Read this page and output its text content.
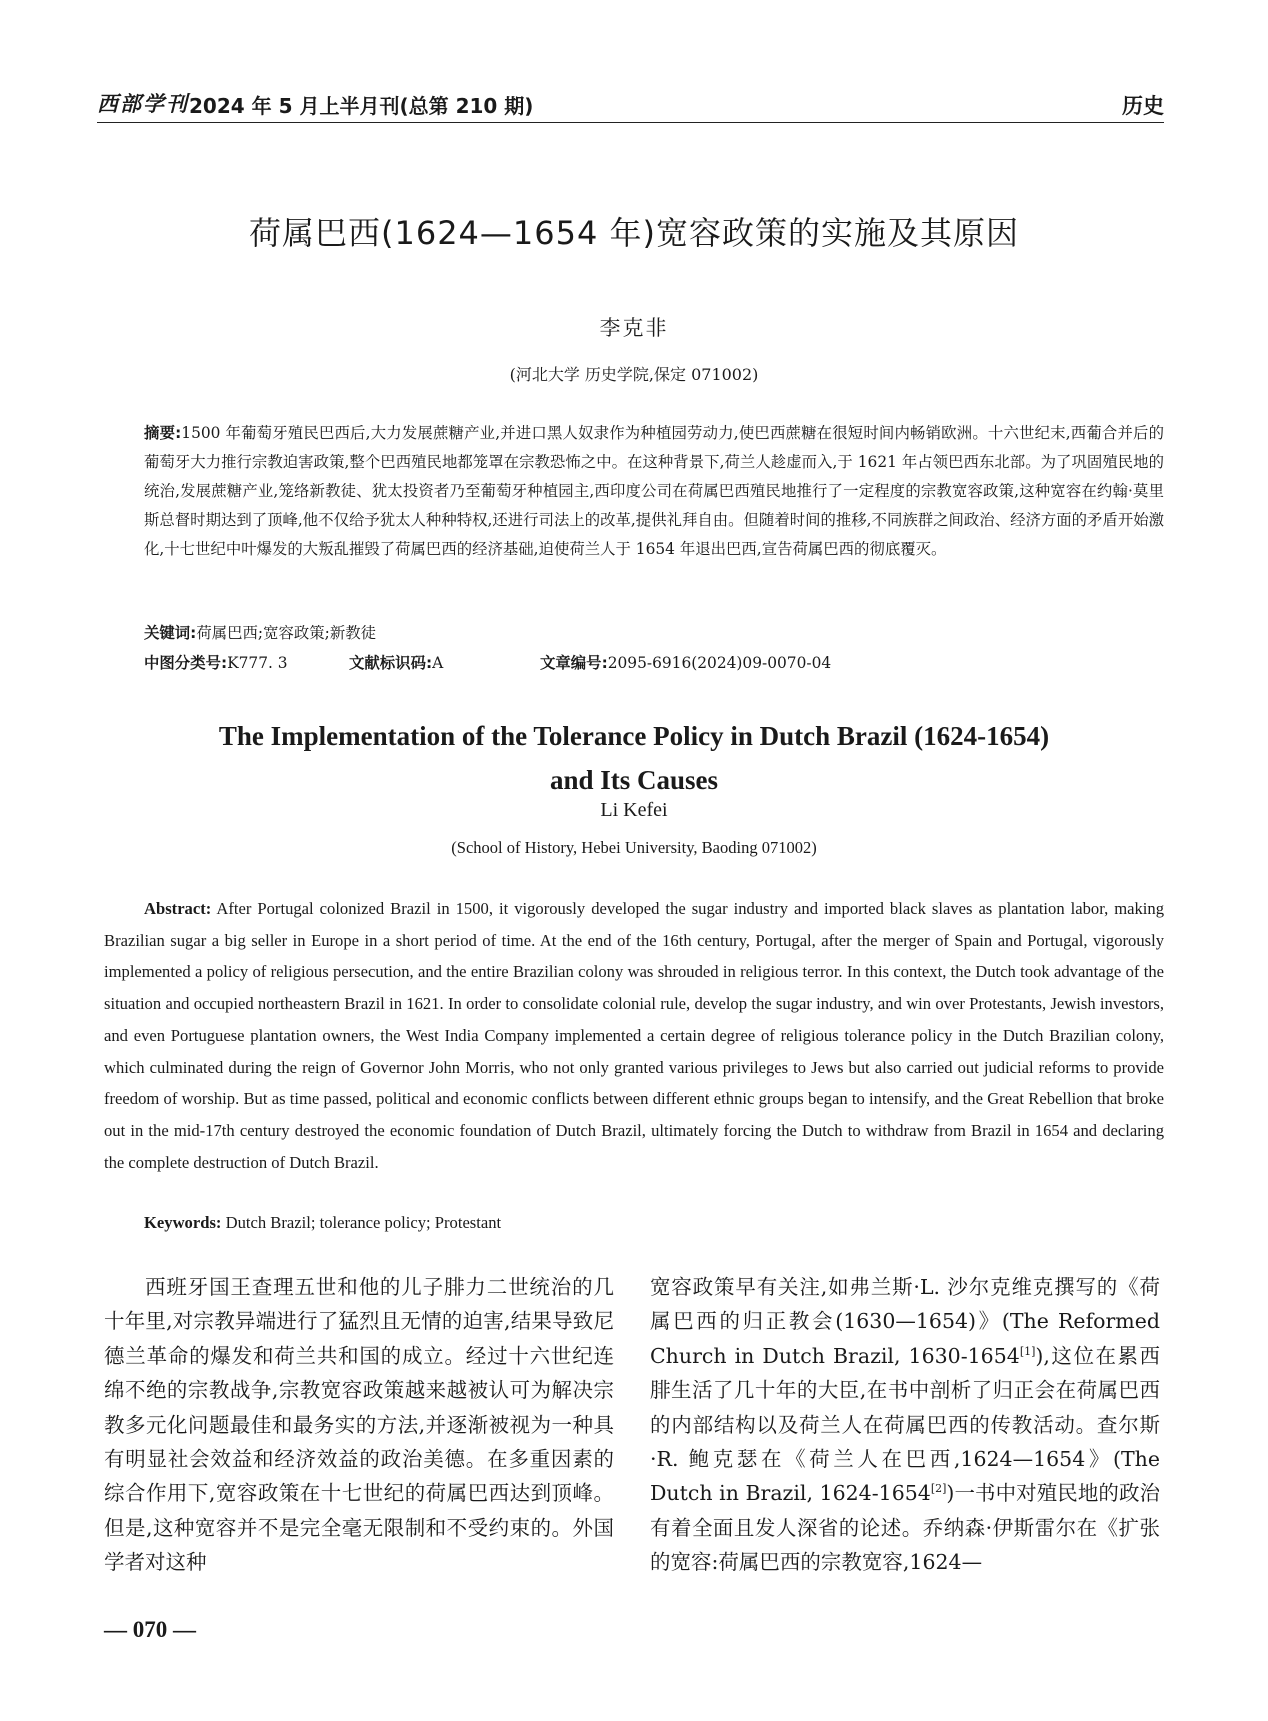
西部学刊 2024 年 5 月上半月刊(总第 210 期)	历史
荷属巴西(1624—1654 年)宽容政策的实施及其原因
李克非
(河北大学 历史学院,保定 071002)
摘要:1500 年葡萄牙殖民巴西后,大力发展蔗糖产业,并进口黑人奴隶作为种植园劳动力,使巴西蔗糖在很短时间内畅销欧洲。十六世纪末,西葡合并后的葡萄牙大力推行宗教迫害政策,整个巴西殖民地都笼罩在宗教恐怖之中。在这种背景下,荷兰人趁虚而入,于 1621 年占领巴西东北部。为了巩固殖民地的统治,发展蔗糖产业,笼络新教徒、犹太投资者乃至葡萄牙种植园主,西印度公司在荷属巴西殖民地推行了一定程度的宗教宽容政策,这种宽容在约翰·莫里斯总督时期达到了顶峰,他不仅给予犹太人种种特权,还进行司法上的改革,提供礼拜自由。但随着时间的推移,不同族群之间政治、经济方面的矛盾开始激化,十七世纪中叶爆发的大叛乱摧毁了荷属巴西的经济基础,迫使荷兰人于 1654 年退出巴西,宣告荷属巴西的彻底覆灭。
关键词:荷属巴西;宽容政策;新教徒
中图分类号:K777. 3	文献标识码:A	文章编号:2095-6916(2024)09-0070-04
The Implementation of the Tolerance Policy in Dutch Brazil (1624-1654)
and Its Causes
Li Kefei
(School of History, Hebei University, Baoding 071002)
Abstract: After Portugal colonized Brazil in 1500, it vigorously developed the sugar industry and imported black slaves as plantation labor, making Brazilian sugar a big seller in Europe in a short period of time. At the end of the 16th century, Portugal, after the merger of Spain and Portugal, vigorously implemented a policy of religious persecution, and the entire Brazilian colony was shrouded in religious terror. In this context, the Dutch took advantage of the situation and occupied northeastern Brazil in 1621. In order to consolidate colonial rule, develop the sugar industry, and win over Protestants, Jewish investors, and even Portuguese plantation owners, the West India Company implemented a certain degree of religious tolerance policy in the Dutch Brazilian colony, which culminated during the reign of Governor John Morris, who not only granted various privileges to Jews but also carried out judicial reforms to provide freedom of worship. But as time passed, political and economic conflicts between different ethnic groups began to intensify, and the Great Rebellion that broke out in the mid-17th century destroyed the economic foundation of Dutch Brazil, ultimately forcing the Dutch to withdraw from Brazil in 1654 and declaring the complete destruction of Dutch Brazil.
Keywords: Dutch Brazil; tolerance policy; Protestant

西班牙国王查理五世和他的儿子腓力二世统治的几十年里,对宗教异端进行了猛烈且无情的迫害,结果导致尼德兰革命的爆发和荷兰共和国的成立。经过十六世纪连绵不绝的宗教战争,宗教宽容政策越来越被认可为解决宗教多元化问题最佳和最务实的方法,并逐渐被视为一种具有明显社会效益和经济效益的政治美德。在多重因素的综合作用下,宽容政策在十七世纪的荷属巴西达到顶峰。但是,这种宽容并不是完全毫无限制和不受约束的。外国学者对这种

宽容政策早有关注,如弗兰斯·L. 沙尔克维克撰写的《荷属巴西的归正教会(1630—1654)》(The Reformed Church in Dutch Brazil, 1630-1654[1]),这位在累西腓生活了几十年的大臣,在书中剖析了归正会在荷属巴西的内部结构以及荷兰人在荷属巴西的传教活动。查尔斯·R. 鲍克瑟在《荷兰人在巴西,1624—1654》(The Dutch in Brazil, 1624-1654[2])一书中对殖民地的政治有着全面且发人深省的论述。乔纳森·伊斯雷尔在《扩张的宽容:荷属巴西的宗教宽容,1624—

— 070 —
